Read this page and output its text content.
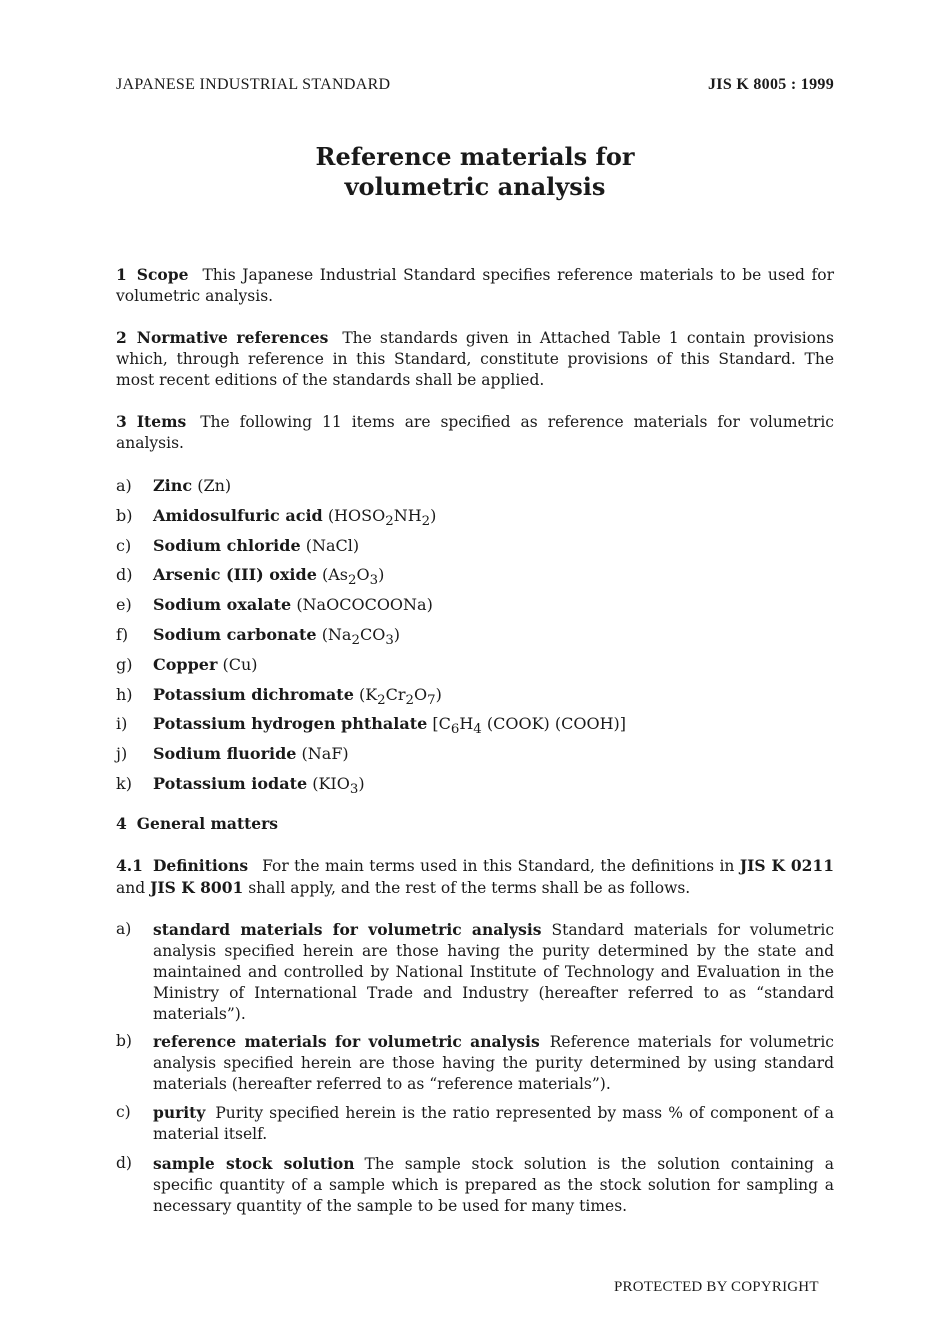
JAPANESE INDUSTRIAL STANDARD	JIS K 8005 : 1999
Reference materials for
volumetric analysis
1 Scope This Japanese Industrial Standard specifies reference materials to be used for volumetric analysis.
2 Normative references The standards given in Attached Table 1 contain provisions which, through reference in this Standard, constitute provisions of this Standard. The most recent editions of the standards shall be applied.
3 Items The following 11 items are specified as reference materials for volumetric analysis.
a) Zinc (Zn)
b) Amidosulfuric acid $(HOSO_2NH_2)$
c) Sodium chloride (NaCl)
d) Arsenic (III) oxide $(As_2O_3)$
e) Sodium oxalate (NaOCOCOONa)
f) Sodium carbonate $(Na_2CO_3)$
g) Copper (Cu)
h) Potassium dichromate $(K_2Cr_2O_7)$
i) Potassium hydrogen phthalate [$C_6H_4$ (COOK) (COOH)]
j) Sodium fluoride (NaF)
k) Potassium iodate $(KIO_3)$
4 General matters
4.1 Definitions For the main terms used in this Standard, the definitions in JIS K 0211 and JIS K 8001 shall apply, and the rest of the terms shall be as follows.
a)	standard materials for volumetric analysis Standard materials for volumetric analysis specified herein are those having the purity determined by the state and maintained and controlled by National Institute of Technology and Evaluation in the Ministry of International Trade and Industry (hereafter referred to as “standard materials”).
b)	reference materials for volumetric analysis Reference materials for volumetric analysis specified herein are those having the purity determined by using standard materials (hereafter referred to as “reference materials”).
c)	purity Purity specified herein is the ratio represented by mass % of component of a material itself.
d)	sample stock solution The sample stock solution is the solution containing a specific quantity of a sample which is prepared as the stock solution for sampling a necessary quantity of the sample to be used for many times.
PROTECTED BY COPYRIGHT
